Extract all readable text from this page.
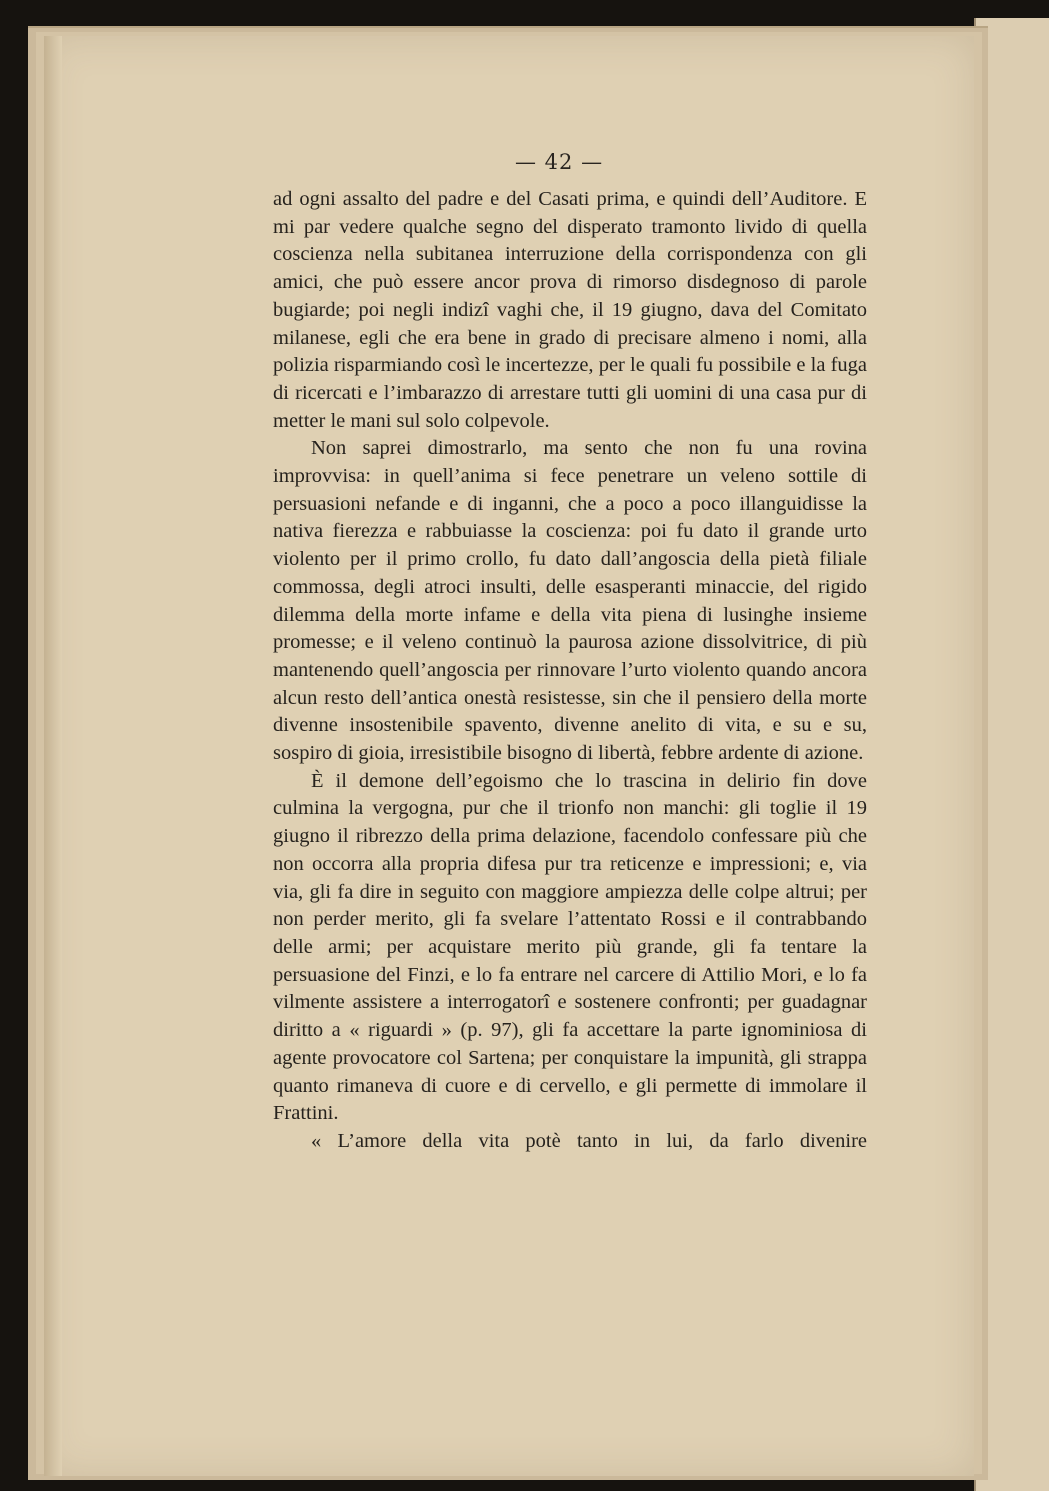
— 42 —

ad ogni assalto del padre e del Casati prima, e quindi dell’Auditore. E mi par vedere qualche segno del disperato tramonto livido di quella coscienza nella subitanea interruzione della corrispondenza con gli amici, che può essere ancor prova di rimorso disdegnoso di parole bugiarde; poi negli indizî vaghi che, il 19 giugno, dava del Comitato milanese, egli che era bene in grado di precisare almeno i nomi, alla polizia risparmiando così le incertezze, per le quali fu possibile e la fuga di ricercati e l’imbarazzo di arrestare tutti gli uomini di una casa pur di metter le mani sul solo colpevole.

Non saprei dimostrarlo, ma sento che non fu una rovina improvvisa: in quell’anima si fece penetrare un veleno sottile di persuasioni nefande e di inganni, che a poco a poco illanguidisse la nativa fierezza e rabbuiasse la coscienza: poi fu dato il grande urto violento per il primo crollo, fu dato dall’angoscia della pietà filiale commossa, degli atroci insulti, delle esasperanti minaccie, del rigido dilemma della morte infame e della vita piena di lusinghe insieme promesse; e il veleno continuò la paurosa azione dissolvitrice, di più mantenendo quell’angoscia per rinnovare l’urto violento quando ancora alcun resto dell’antica onestà resistesse, sin che il pensiero della morte divenne insostenibile spavento, divenne anelito di vita, e su e su, sospiro di gioia, irresistibile bisogno di libertà, febbre ardente di azione.

È il demone dell’egoismo che lo trascina in delirio fin dove culmina la vergogna, pur che il trionfo non manchi: gli toglie il 19 giugno il ribrezzo della prima delazione, facendolo confessare più che non occorra alla propria difesa pur tra reticenze e impressioni; e, via via, gli fa dire in seguito con maggiore ampiezza delle colpe altrui; per non perder merito, gli fa svelare l’attentato Rossi e il contrabbando delle armi; per acquistare merito più grande, gli fa tentare la persuasione del Finzi, e lo fa entrare nel carcere di Attilio Mori, e lo fa vilmente assistere a interrogatorî e sostenere confronti; per guadagnar diritto a « riguardi » (p. 97), gli fa accettare la parte ignominiosa di agente provocatore col Sartena; per conquistare la impunità, gli strappa quanto rimaneva di cuore e di cervello, e gli permette di immolare il Frattini.

« L’amore della vita potè tanto in lui, da farlo divenire
